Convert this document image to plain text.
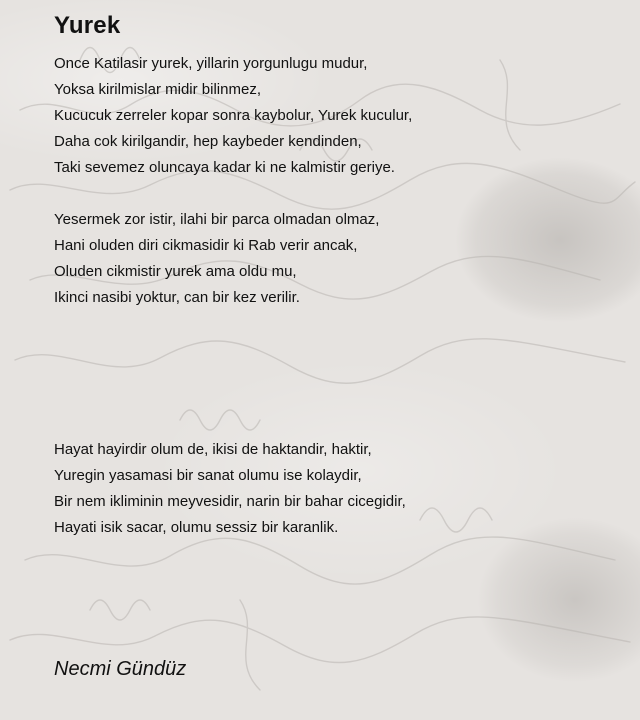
Yurek
Once Katilasir yurek, yillarin yorgunlugu mudur,
Yoksa kirilmislar midir bilinmez,
Kucucuk zerreler kopar sonra kaybolur, Yurek kuculur,
Daha cok kirilgandir, hep kaybeder kendinden,
Taki sevemez oluncaya kadar ki ne kalmistir geriye.
Yesermek zor istir, ilahi bir parca olmadan olmaz,
Hani oluden diri cikmasidir ki Rab verir ancak,
Oluden cikmistir yurek ama oldu mu,
Ikinci nasibi yoktur, can bir kez verilir.
Hayat hayirdir olum de, ikisi de haktandir, haktir,
Yuregin yasamasi bir sanat olumu ise kolaydir,
Bir nem ikliminin meyvesidir, narin bir bahar cicegidir,
Hayati isik sacar, olumu sessiz bir karanlik.
Necmi Gündüz
